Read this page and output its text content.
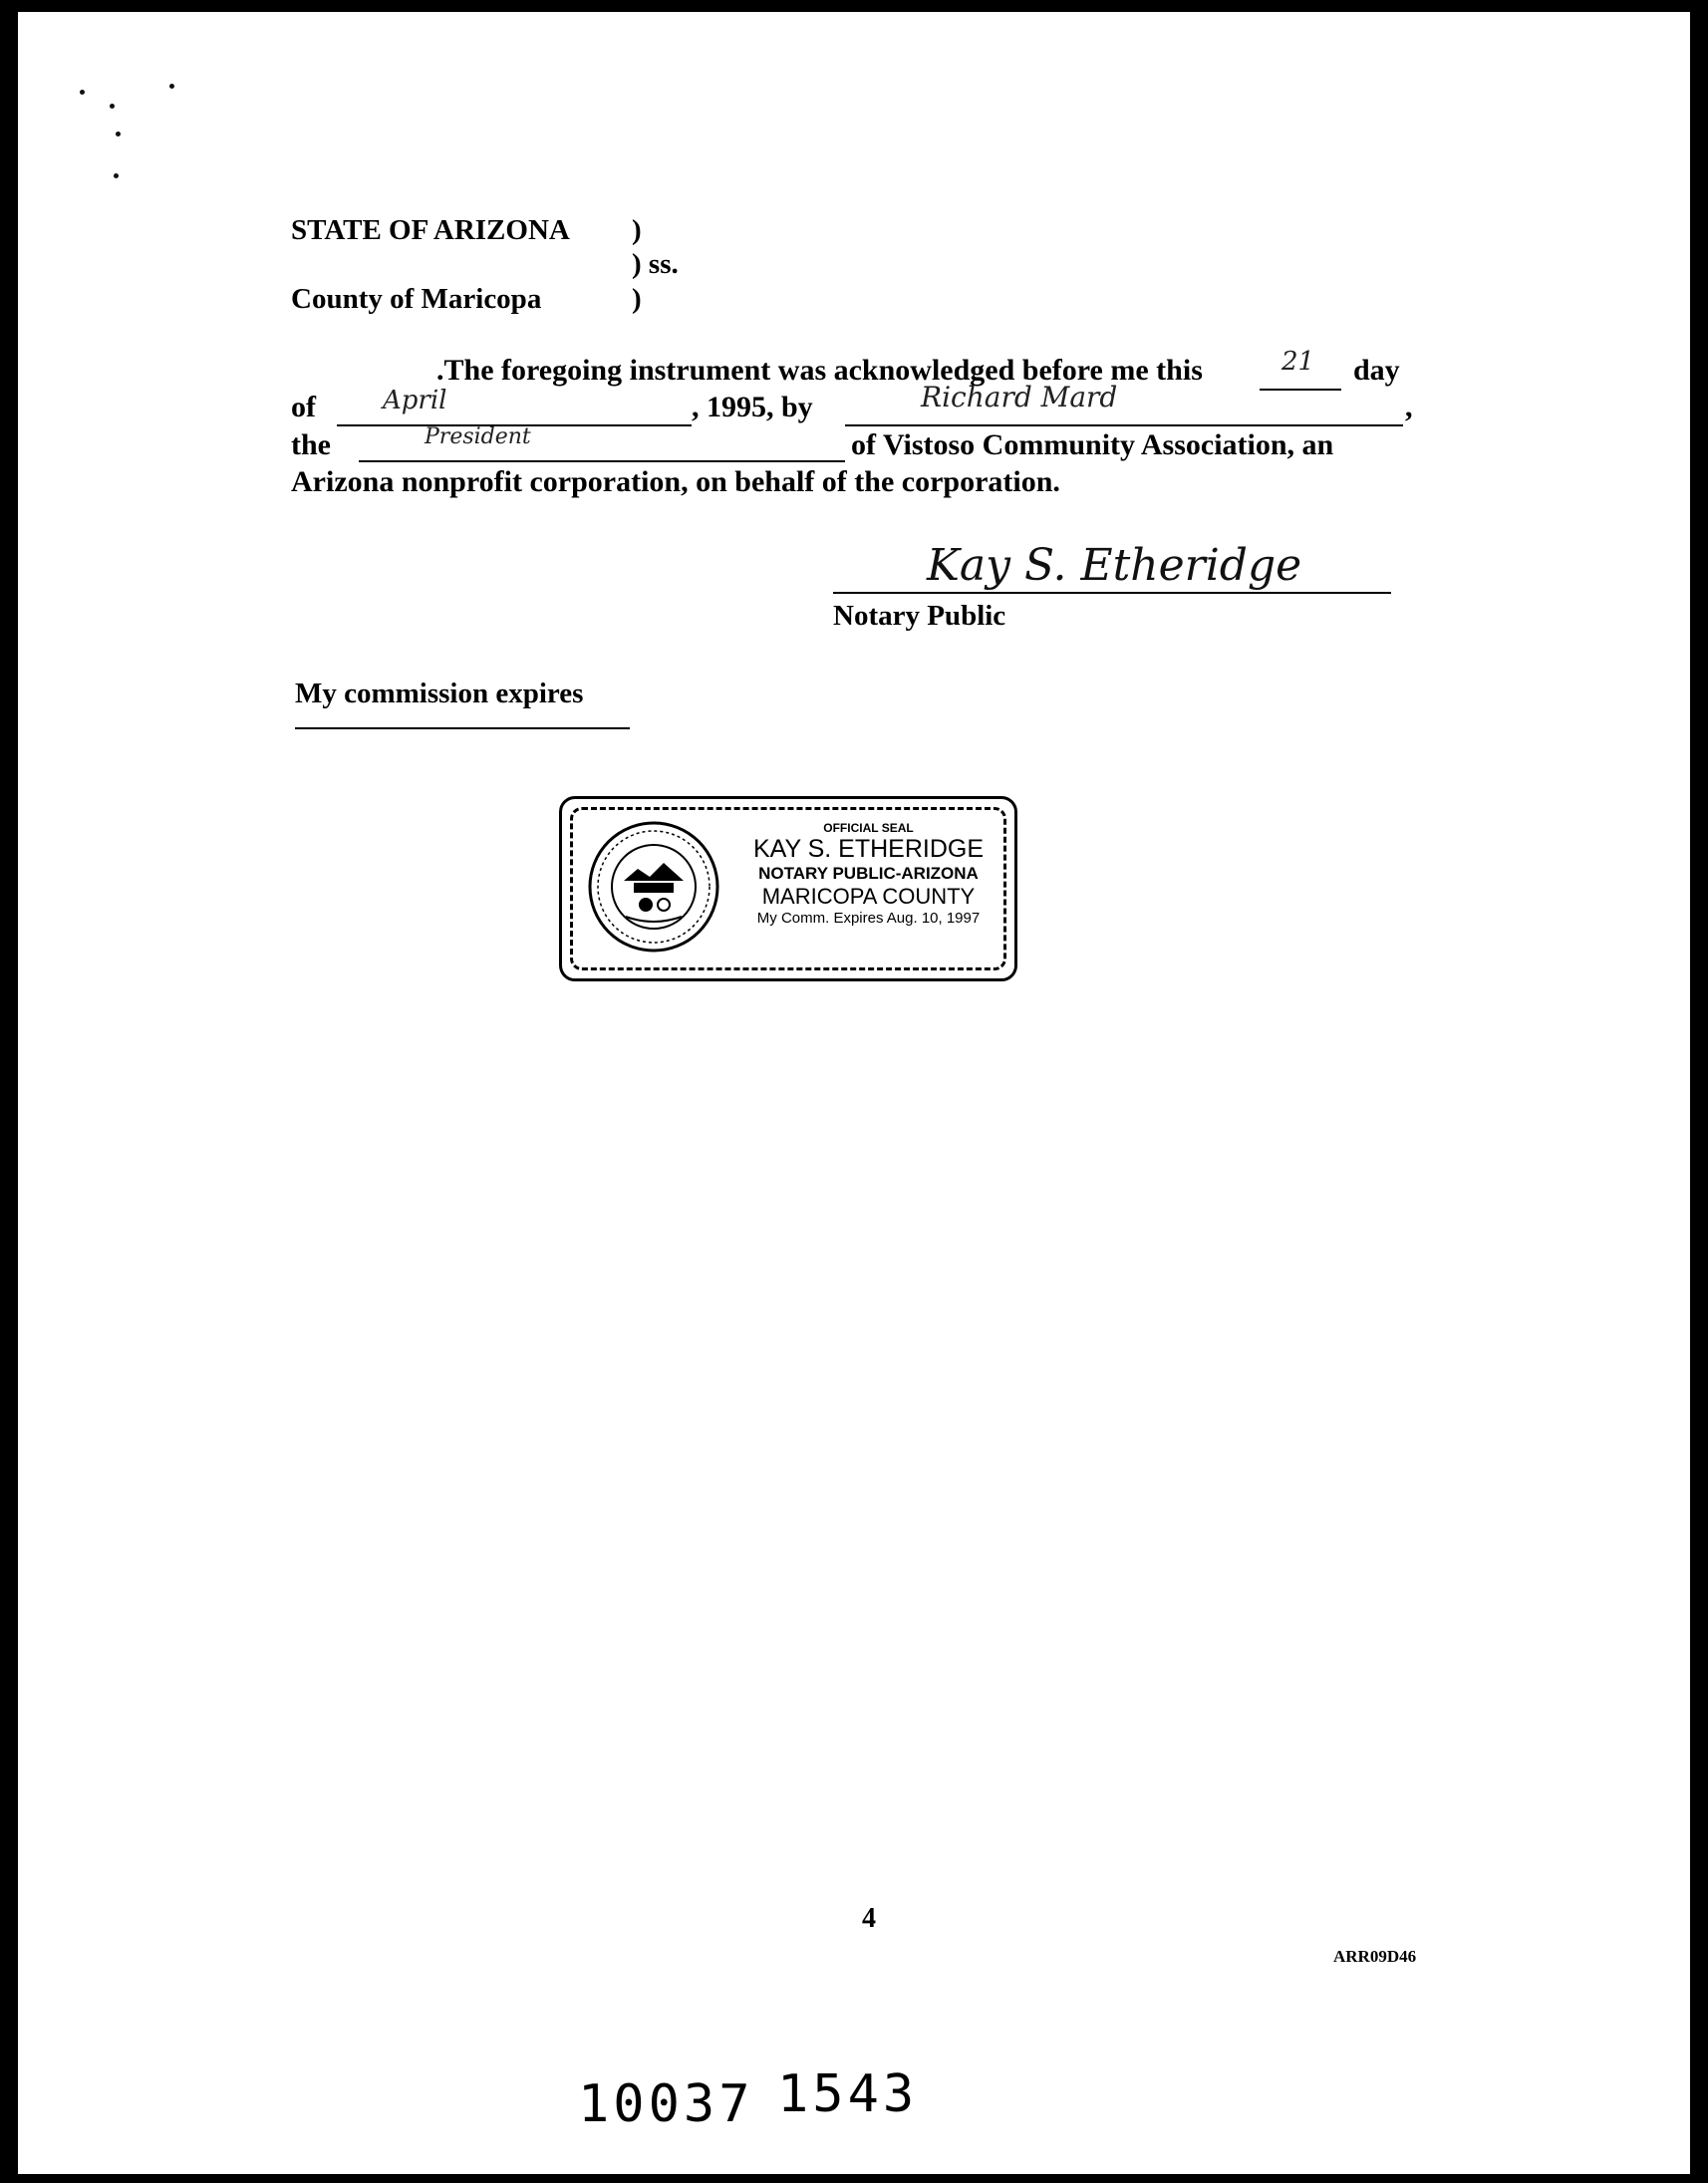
STATE OF ARIZONA )
) ss.
County of Maricopa	)
.The foregoing instrument was acknowledged before me this	21 day
of	April	, 1995, by	Richard Mard	,
the	President	of Vistoso Community Association, an
Arizona nonprofit corporation, on behalf of the corporation.
Kay S. Etheridge
Notary Public
My commission expires
OFFICIAL SEAL
KAY S. ETHERIDGE
NOTARY PUBLIC-ARIZONA
MARICOPA COUNTY
My Comm. Expires Aug. 10, 1997
4
ARR09D46
10037 1543
